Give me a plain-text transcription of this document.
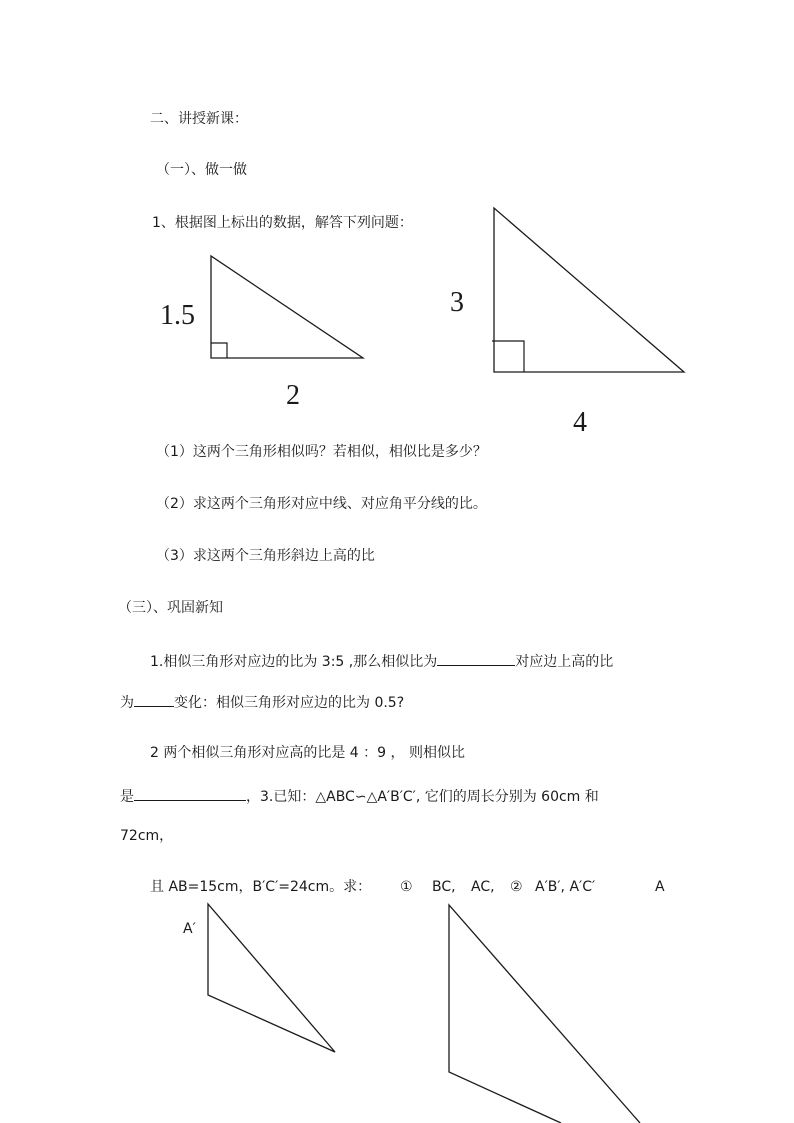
二、讲授新课：
（一）、做一做
1、根据图上标出的数据，解答下列问题：
1.5
2
3
4
（1）这两个三角形相似吗？若相似，相似比是多少？
（2）求这两个三角形对应中线、对应角平分线的比。
（3）求这两个三角形斜边上高的比
（三）、巩固新知
1.相似三角形对应边的比为 3:5 ,那么相似比为	对应边上高的比
为	变化：相似三角形对应边的比为 0.5?
2 两个相似三角形对应高的比是 4 ：9 ， 则相似比
是	，3.已知：△ABC∽△A′B′C′, 它们的周长分别为 60cm 和
72cm，
且 AB=15cm，B′C′=24cm。求： ① BC, AC, ② A′B′, A′C′	A
A′
